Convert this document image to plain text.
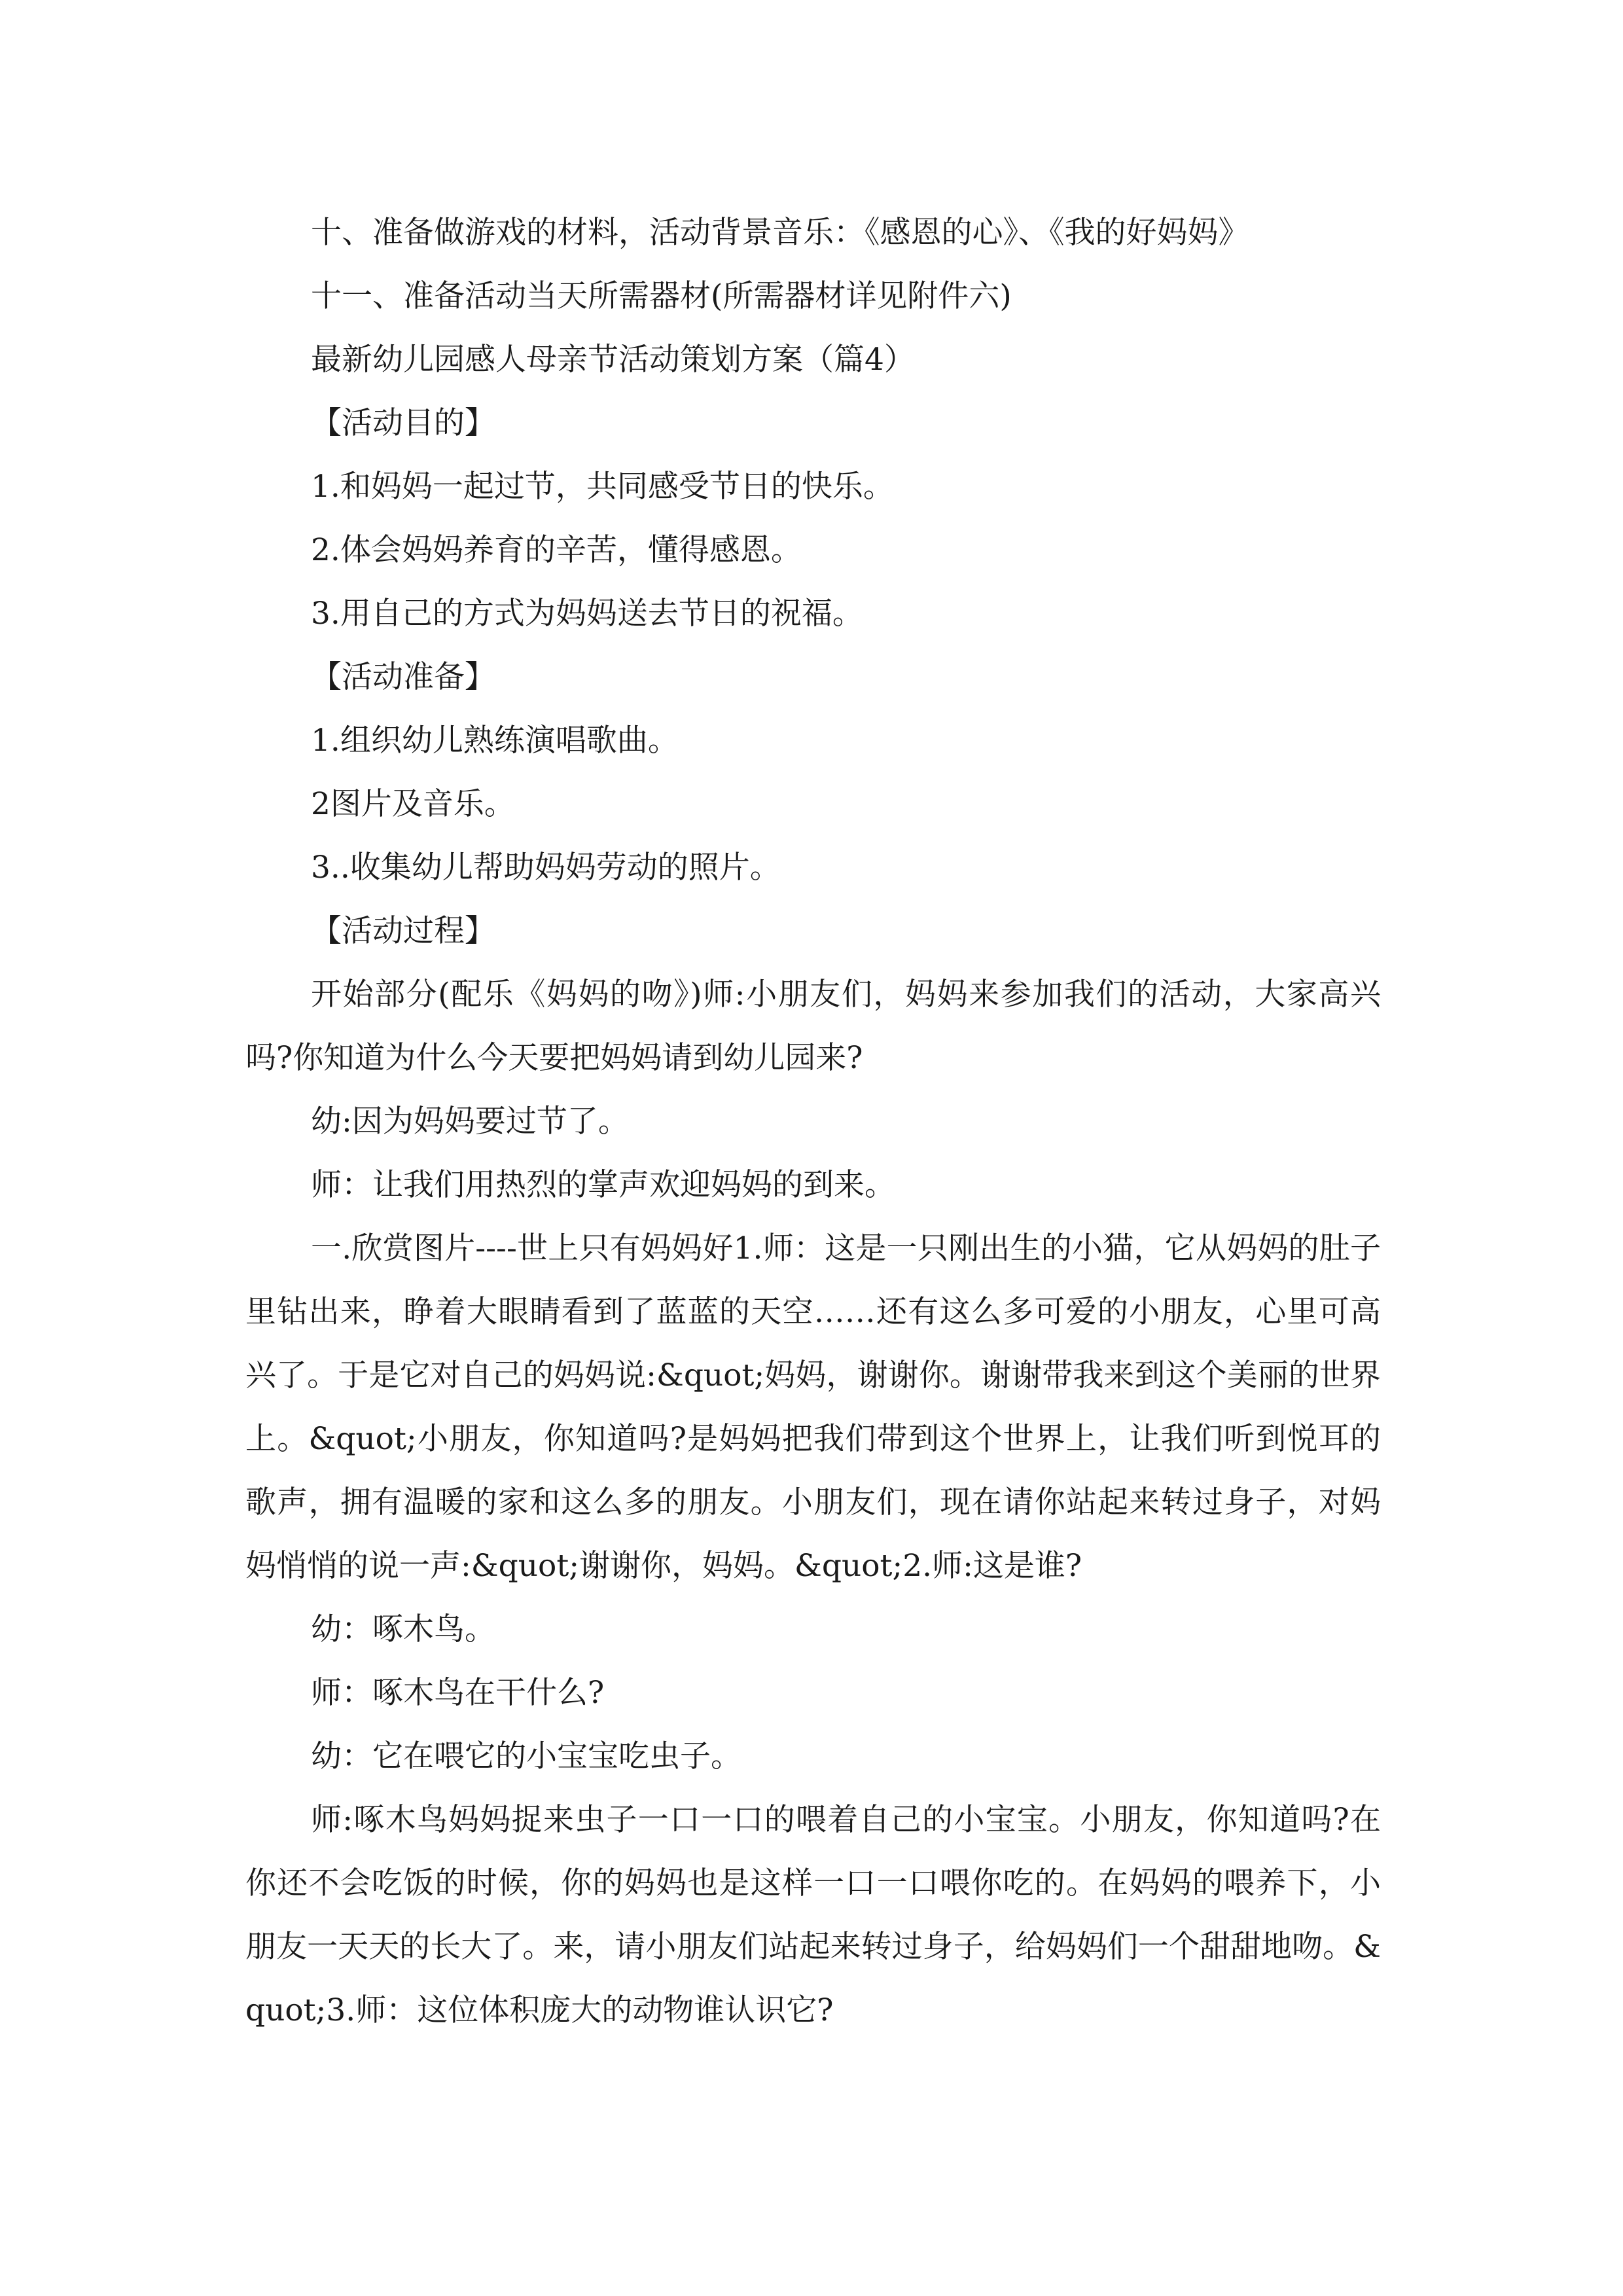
十、准备做游戏的材料，活动背景音乐：《感恩的心》、《我的好妈妈》

十一、准备活动当天所需器材(所需器材详见附件六)

最新幼儿园感人母亲节活动策划方案（篇4）

【活动目的】

1.和妈妈一起过节，共同感受节日的快乐。

2.体会妈妈养育的辛苦，懂得感恩。

3.用自己的方式为妈妈送去节日的祝福。

【活动准备】

1.组织幼儿熟练演唱歌曲。

2图片及音乐。

3..收集幼儿帮助妈妈劳动的照片。

【活动过程】

开始部分(配乐《妈妈的吻》)师:小朋友们，妈妈来参加我们的活动，大家高兴吗?你知道为什么今天要把妈妈请到幼儿园来?

幼:因为妈妈要过节了。

师：让我们用热烈的掌声欢迎妈妈的到来。

一.欣赏图片----世上只有妈妈好1.师：这是一只刚出生的小猫，它从妈妈的肚子里钻出来，睁着大眼睛看到了蓝蓝的天空……还有这么多可爱的小朋友，心里可高兴了。于是它对自己的妈妈说:&quot;妈妈，谢谢你。谢谢带我来到这个美丽的世界上。&quot;小朋友，你知道吗?是妈妈把我们带到这个世界上，让我们听到悦耳的歌声，拥有温暖的家和这么多的朋友。小朋友们，现在请你站起来转过身子，对妈妈悄悄的说一声:&quot;谢谢你，妈妈。&quot;2.师:这是谁?

幼：啄木鸟。

师：啄木鸟在干什么?

幼：它在喂它的小宝宝吃虫子。

师:啄木鸟妈妈捉来虫子一口一口的喂着自己的小宝宝。小朋友，你知道吗?在你还不会吃饭的时候，你的妈妈也是这样一口一口喂你吃的。在妈妈的喂养下，小朋友一天天的长大了。来，请小朋友们站起来转过身子，给妈妈们一个甜甜地吻。&quot;3.师：这位体积庞大的动物谁认识它?
